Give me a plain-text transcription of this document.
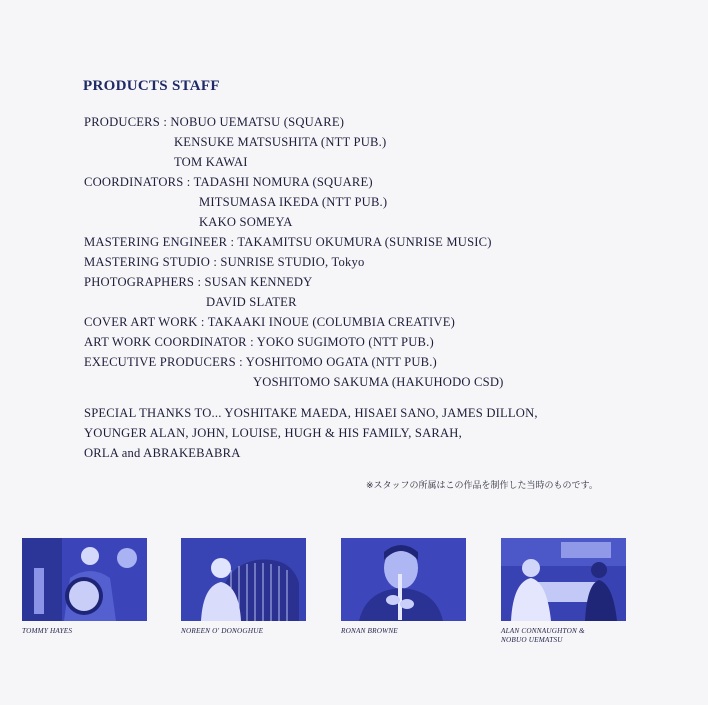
PRODUCTS STAFF
PRODUCERS : NOBUO UEMATSU (SQUARE)
KENSUKE MATSUSHITA (NTT PUB.)
TOM KAWAI
COORDINATORS : TADASHI NOMURA (SQUARE)
MITSUMASA IKEDA (NTT PUB.)
KAKO SOMEYA
MASTERING ENGINEER : TAKAMITSU OKUMURA (SUNRISE MUSIC)
MASTERING STUDIO : SUNRISE STUDIO, Tokyo
PHOTOGRAPHERS : SUSAN KENNEDY
DAVID SLATER
COVER ART WORK : TAKAAKI INOUE (COLUMBIA CREATIVE)
ART WORK COORDINATOR : YOKO SUGIMOTO (NTT PUB.)
EXECUTIVE PRODUCERS : YOSHITOMO OGATA (NTT PUB.)
YOSHITOMO SAKUMA (HAKUHODO CSD)
SPECIAL THANKS TO... YOSHITAKE MAEDA, HISAEI SANO, JAMES DILLON,
YOUNGER ALAN, JOHN, LOUISE, HUGH & HIS FAMILY, SARAH,
ORLA and ABRAKEBABRA
※スタッフの所属はこの作品を制作した当時のものです。
TOMMY HAYES	NOREEN O' DONOGHUE	RONAN BROWNE	ALAN CONNAUGHTON &
NOBUO UEMATSU
